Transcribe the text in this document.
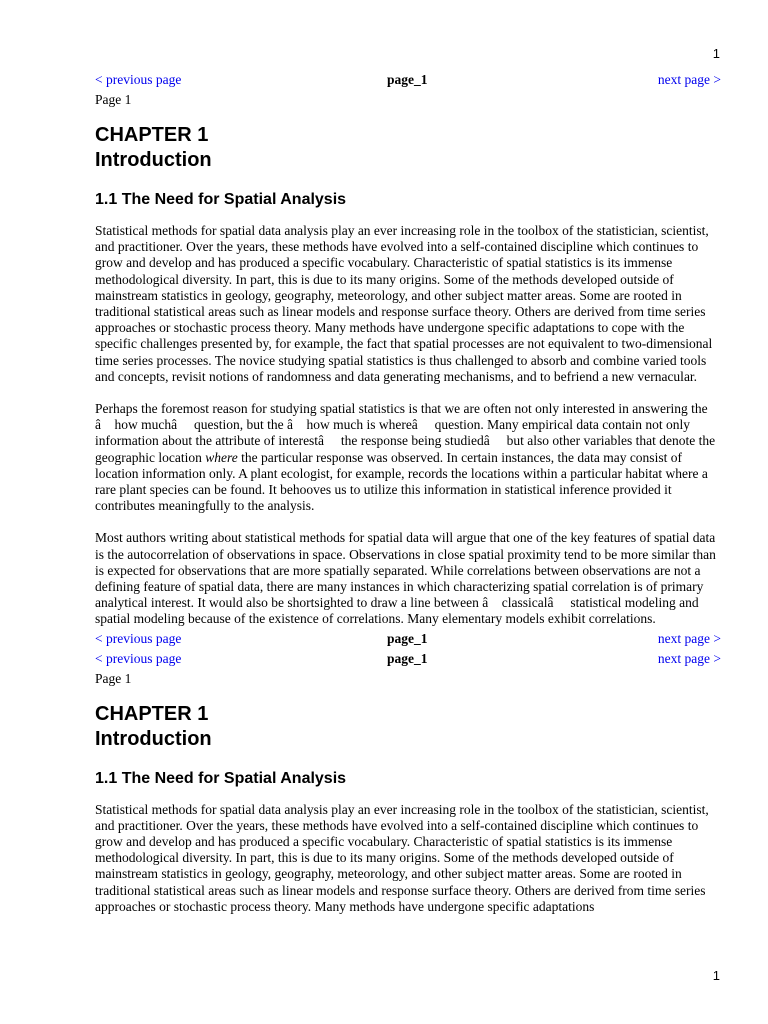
1
< previous page	page_1	next page >
Page 1
CHAPTER 1
Introduction
1.1 The Need for Spatial Analysis

Statistical methods for spatial data analysis play an ever increasing role in the toolbox of the statistician, scientist, and practitioner. Over the years, these methods have evolved into a self-contained discipline which continues to grow and develop and has produced a specific vocabulary. Characteristic of spatial statistics is its immense methodological diversity. In part, this is due to its many origins. Some of the methods developed outside of mainstream statistics in geology, geography, meteorology, and other subject matter areas. Some are rooted in traditional statistical areas such as linear models and response surface theory. Others are derived from time series approaches or stochastic process theory. Many methods have undergone specific adaptations to cope with the specific challenges presented by, for example, the fact that spatial processes are not equivalent to two-dimensional time series processes. The novice studying spatial statistics is thus challenged to absorb and combine varied tools and concepts, revisit notions of randomness and data generating mechanisms, and to befriend a new vernacular.

Perhaps the foremost reason for studying spatial statistics is that we are often not only interested in answering the â    how muchâ     question, but the â    how much is whereâ     question. Many empirical data contain not only information about the attribute of interestâ     the response being studiedâ     but also other variables that denote the geographic location where the particular response was observed. In certain instances, the data may consist of location information only. A plant ecologist, for example, records the locations within a particular habitat where a rare plant species can be found. It behooves us to utilize this information in statistical inference provided it contributes meaningfully to the analysis.

Most authors writing about statistical methods for spatial data will argue that one of the key features of spatial data is the autocorrelation of observations in space. Observations in close spatial proximity tend to be more similar than is expected for observations that are more spatially separated. While correlations between observations are not a defining feature of spatial data, there are many instances in which characterizing spatial correlation is of primary analytical interest. It would also be shortsighted to draw a line between â    classicalâ     statistical modeling and spatial modeling because of the existence of correlations. Many elementary models exhibit correlations.

< previous page	page_1	next page >
< previous page	page_1	next page >
Page 1
CHAPTER 1
Introduction
1.1 The Need for Spatial Analysis

Statistical methods for spatial data analysis play an ever increasing role in the toolbox of the statistician, scientist, and practitioner. Over the years, these methods have evolved into a self-contained discipline which continues to grow and develop and has produced a specific vocabulary. Characteristic of spatial statistics is its immense methodological diversity. In part, this is due to its many origins. Some of the methods developed outside of mainstream statistics in geology, geography, meteorology, and other subject matter areas. Some are rooted in traditional statistical areas such as linear models and response surface theory. Others are derived from time series approaches or stochastic process theory. Many methods have undergone specific adaptations

1
